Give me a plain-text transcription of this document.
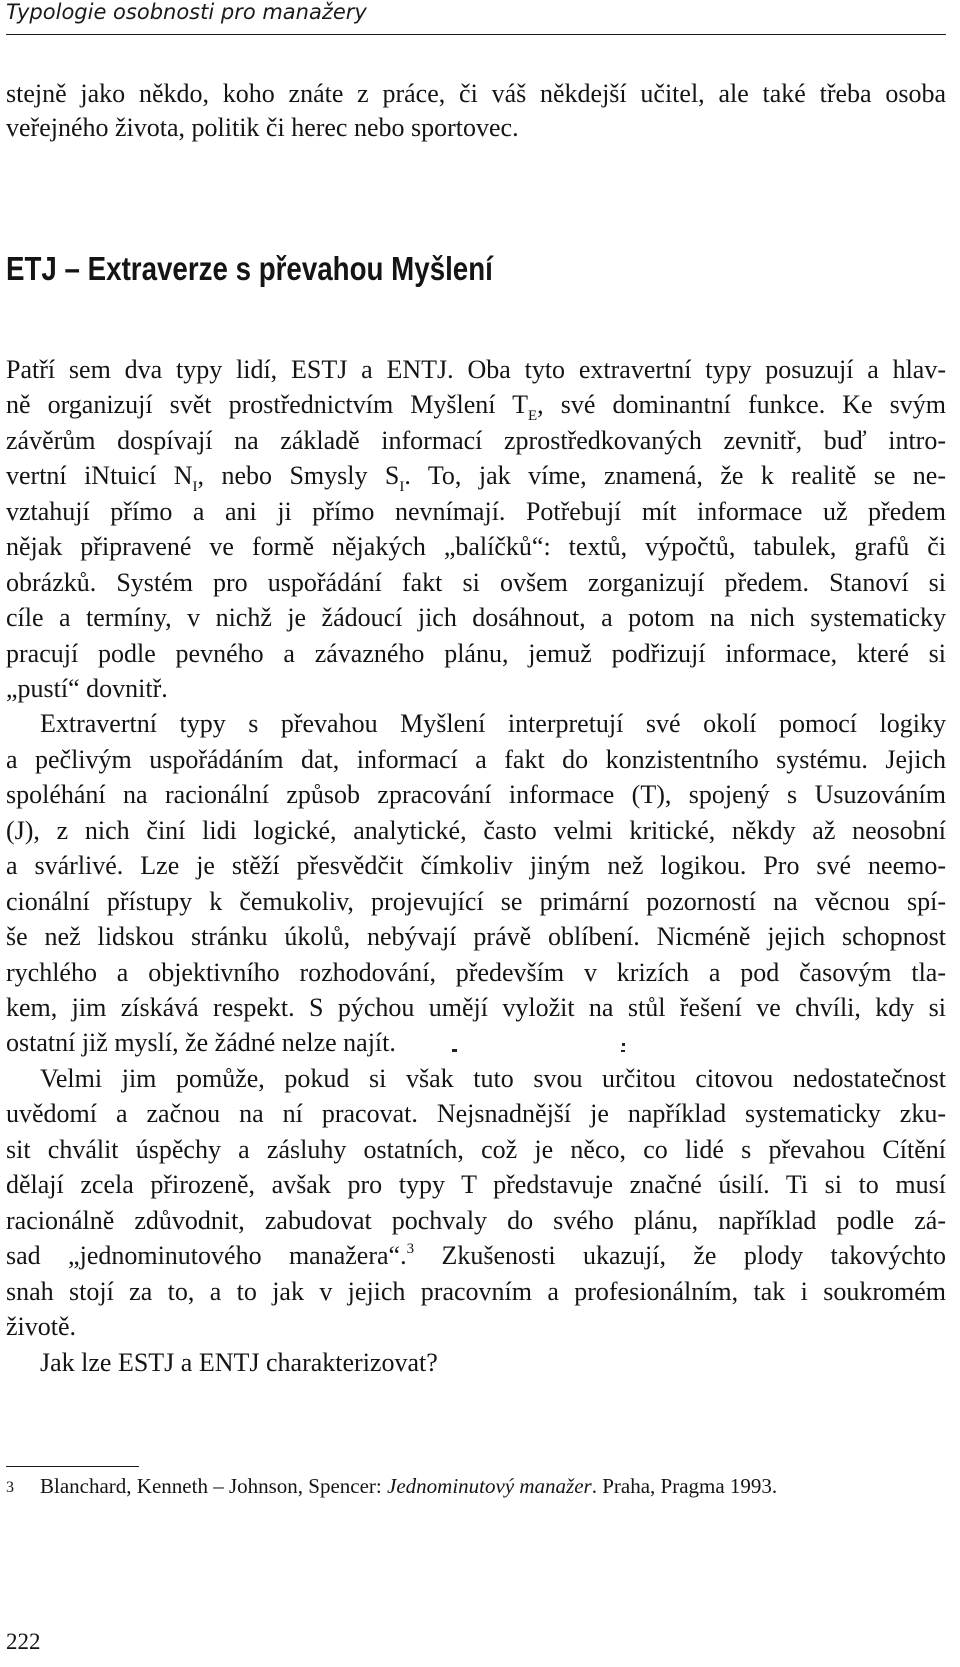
Typologie osobnosti pro manažery
stejně jako někdo, koho znáte z práce, či váš někdejší učitel, ale také třeba osoba
veřejného života, politik či herec nebo sportovec.
ETJ – Extraverze s převahou Myšlení
Patří sem dva typy lidí, ESTJ a ENTJ. Oba tyto extravertní typy posuzují a hlav-
ně organizují svět prostřednictvím Myšlení $T_E$, své dominantní funkce. Ke svým
závěrům dospívají na základě informací zprostředkovaných zevnitř, buď intro-
vertní iNtuicí $N_I$, nebo Smysly $S_I$. To, jak víme, znamená, že k realitě se ne-
vztahují přímo a ani ji přímo nevnímají. Potřebují mít informace už předem
nějak připravené ve formě nějakých „balíčků“: textů, výpočtů, tabulek, grafů či
obrázků. Systém pro uspořádání fakt si ovšem zorganizují předem. Stanoví si
cíle a termíny, v nichž je žádoucí jich dosáhnout, a potom na nich systematicky
pracují podle pevného a závazného plánu, jemuž podřizují informace, které si
„pustí“ dovnitř.
Extravertní typy s převahou Myšlení interpretují své okolí pomocí logiky
a pečlivým uspořádáním dat, informací a fakt do konzistentního systému. Jejich
spoléhání na racionální způsob zpracování informace (T), spojený s Usuzováním
(J), z nich činí lidi logické, analytické, často velmi kritické, někdy až neosobní
a svárlivé. Lze je stěží přesvědčit čímkoliv jiným než logikou. Pro své neemo-
cionální přístupy k čemukoliv, projevující se primární pozorností na věcnou spí-
še než lidskou stránku úkolů, nebývají právě oblíbení. Nicméně jejich schopnost
rychlého a objektivního rozhodování, především v krizích a pod časovým tla-
kem, jim získává respekt. S pýchou umějí vyložit na stůl řešení ve chvíli, kdy si
ostatní již myslí, že žádné nelze najít.
Velmi jim pomůže, pokud si však tuto svou určitou citovou nedostatečnost
uvědomí a začnou na ní pracovat. Nejsnadnější je například systematicky zku-
sit chválit úspěchy a zásluhy ostatních, což je něco, co lidé s převahou Cítění
dělají zcela přirozeně, avšak pro typy T představuje značné úsilí. Ti si to musí
racionálně zdůvodnit, zabudovat pochvaly do svého plánu, například podle zá-
sad „jednominutového manažera“.$^3$ Zkušenosti ukazují, že plody takovýchto
snah stojí za to, a to jak v jejich pracovním a profesionálním, tak i soukromém
životě.
Jak lze ESTJ a ENTJ charakterizovat?
3 Blanchard, Kenneth – Johnson, Spencer: Jednominutový manažer. Praha, Pragma 1993.
222
